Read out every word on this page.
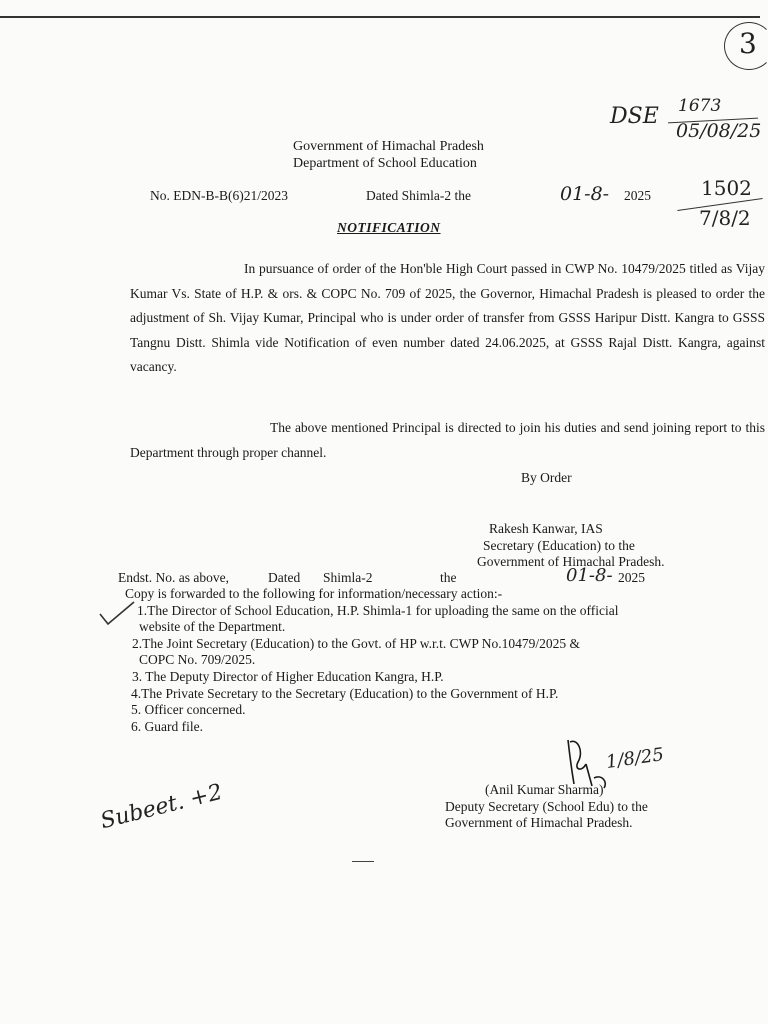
3
DSE 1673
05/08/25
Government of Himachal Pradesh
Department of School Education
No. EDN-B-B(6)21/2023	Dated Shimla-2 the	01-8- 2025	1502
7/8/2
NOTIFICATION
In pursuance of order of the Hon'ble High Court passed in CWP No. 10479/2025 titled as Vijay Kumar Vs. State of H.P. & ors. & COPC No. 709 of 2025, the Governor, Himachal Pradesh is pleased to order the adjustment of Sh. Vijay Kumar, Principal who is under order of transfer from GSSS Haripur Distt. Kangra to GSSS Tangnu Distt. Shimla vide Notification of even number dated 24.06.2025, at GSSS Rajal Distt. Kangra, against vacancy.
The above mentioned Principal is directed to join his duties and send joining report to this Department through proper channel.
By Order
Rakesh Kanwar, IAS
Secretary (Education) to the
Government of Himachal Pradesh.
Endst. No. as above,	Dated Shimla-2	the	01-8- 2025
Copy is forwarded to the following for information/necessary action:-
1.The Director of School Education, H.P. Shimla-1 for uploading the same on the official
website of the Department.
2.The Joint Secretary (Education) to the Govt. of HP w.r.t. CWP No.10479/2025 &
COPC No. 709/2025.
3. The Deputy Director of Higher Education Kangra, H.P.
4.The Private Secretary to the Secretary (Education) to the Government of H.P.
5. Officer concerned.
6. Guard file.
1/8/25
(Anil Kumar Sharma)
Deputy Secretary (School Edu) to the
Government of Himachal Pradesh.
Subeet. +2
